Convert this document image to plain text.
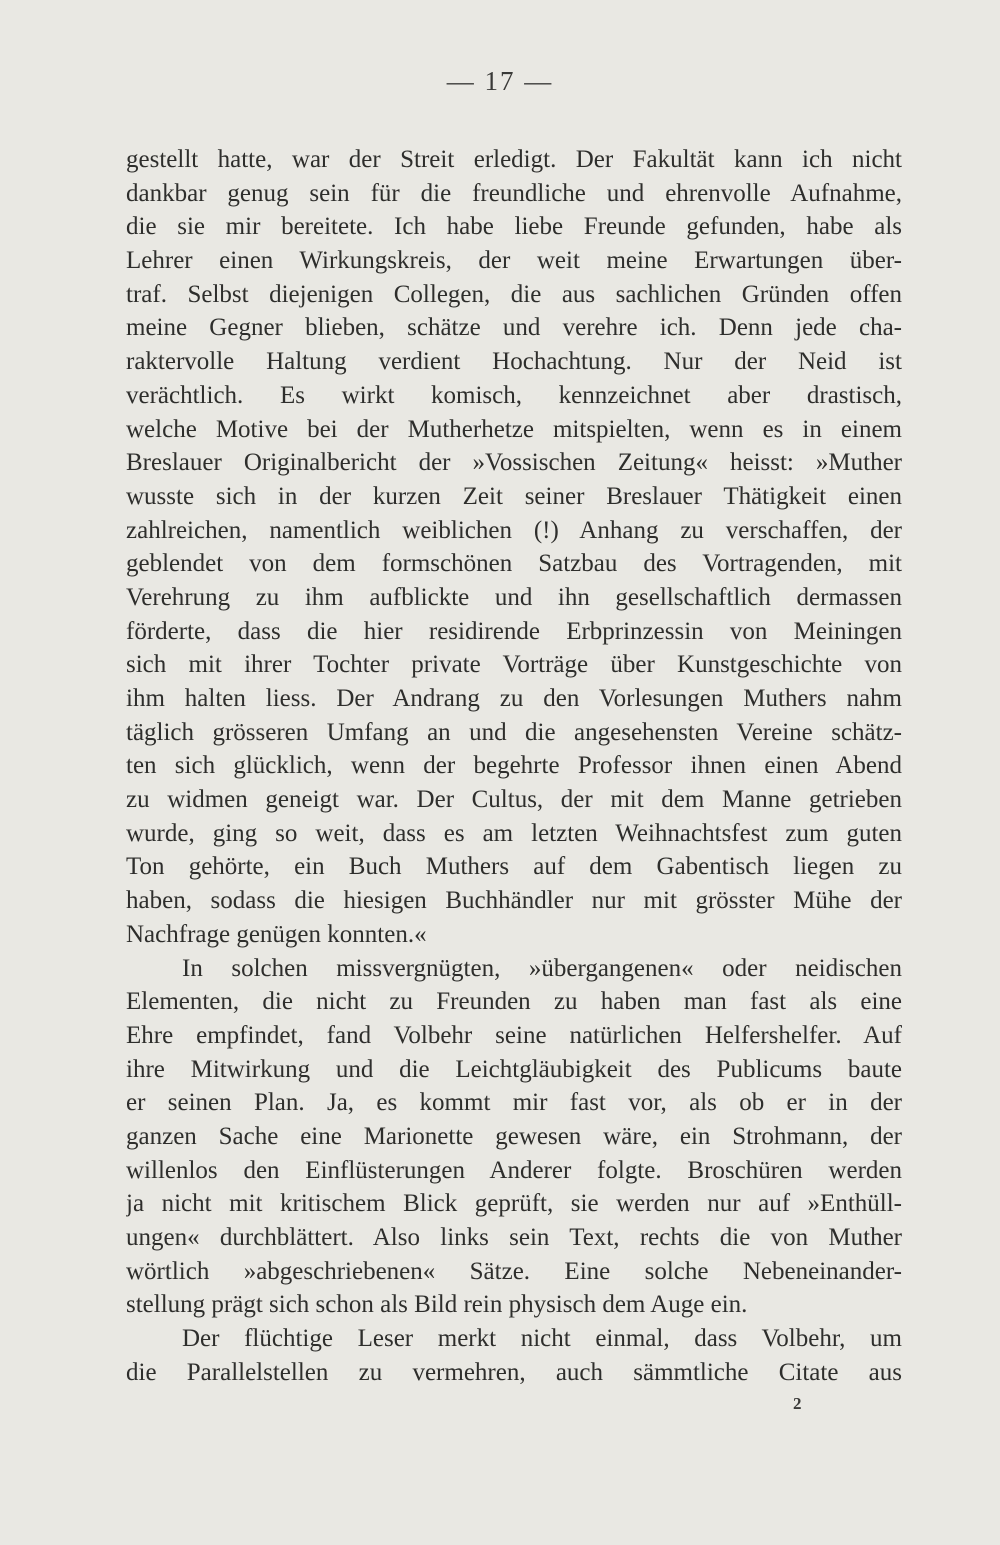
— 17 —
gestellt hatte, war der Streit erledigt. Der Fakultät kann ich nicht
dankbar genug sein für die freundliche und ehrenvolle Aufnahme,
die sie mir bereitete. Ich habe liebe Freunde gefunden, habe als
Lehrer einen Wirkungskreis, der weit meine Erwartungen über-
traf. Selbst diejenigen Collegen, die aus sachlichen Gründen offen
meine Gegner blieben, schätze und verehre ich. Denn jede cha-
raktervolle Haltung verdient Hochachtung. Nur der Neid ist
verächtlich. Es wirkt komisch, kennzeichnet aber drastisch,
welche Motive bei der Mutherhetze mitspielten, wenn es in einem
Breslauer Originalbericht der »Vossischen Zeitung« heisst: »Muther
wusste sich in der kurzen Zeit seiner Breslauer Thätigkeit einen
zahlreichen, namentlich weiblichen (!) Anhang zu verschaffen, der
geblendet von dem formschönen Satzbau des Vortragenden, mit
Verehrung zu ihm aufblickte und ihn gesellschaftlich dermassen
förderte, dass die hier residirende Erbprinzessin von Meiningen
sich mit ihrer Tochter private Vorträge über Kunstgeschichte von
ihm halten liess. Der Andrang zu den Vorlesungen Muthers nahm
täglich grösseren Umfang an und die angesehensten Vereine schätz-
ten sich glücklich, wenn der begehrte Professor ihnen einen Abend
zu widmen geneigt war. Der Cultus, der mit dem Manne getrieben
wurde, ging so weit, dass es am letzten Weihnachtsfest zum guten
Ton gehörte, ein Buch Muthers auf dem Gabentisch liegen zu
haben, sodass die hiesigen Buchhändler nur mit grösster Mühe der
Nachfrage genügen konnten.«
In solchen missvergnügten, »übergangenen« oder neidischen
Elementen, die nicht zu Freunden zu haben man fast als eine
Ehre empfindet, fand Volbehr seine natürlichen Helfershelfer. Auf
ihre Mitwirkung und die Leichtgläubigkeit des Publicums baute
er seinen Plan. Ja, es kommt mir fast vor, als ob er in der
ganzen Sache eine Marionette gewesen wäre, ein Strohmann, der
willenlos den Einflüsterungen Anderer folgte. Broschüren werden
ja nicht mit kritischem Blick geprüft, sie werden nur auf »Enthüll-
ungen« durchblättert. Also links sein Text, rechts die von Muther
wörtlich »abgeschriebenen« Sätze. Eine solche Nebeneinander-
stellung prägt sich schon als Bild rein physisch dem Auge ein.
Der flüchtige Leser merkt nicht einmal, dass Volbehr, um
die Parallelstellen zu vermehren, auch sämmtliche Citate aus
2
